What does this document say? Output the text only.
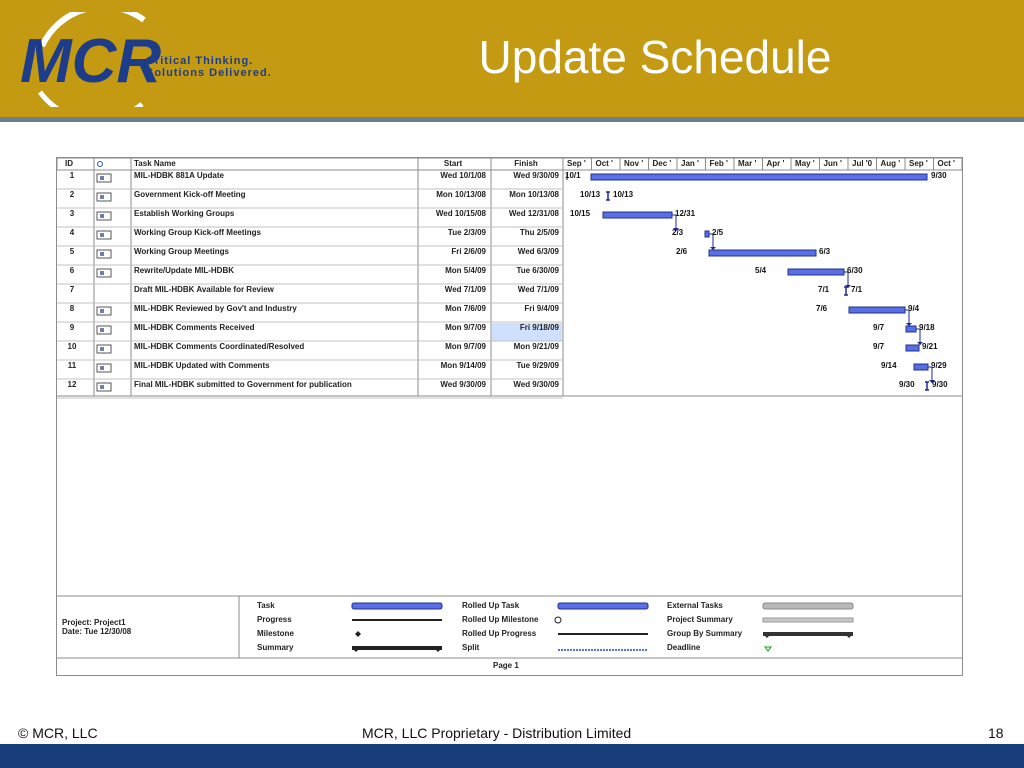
MCR
Critical Thinking.
Solutions Delivered.	Update Schedule
ID	Task Name	Start	Finish	Sep ' Oct ' Nov ' Dec ' Jan ' Feb ' Mar ' Apr ' May ' Jun ' Jul '0 Aug ' Sep ' Oct '
1	MIL-HDBK 881A Update	Wed 10/1/08	Wed 9/30/09
2	Government Kick-off Meeting	Mon 10/13/08	Mon 10/13/08
3	Establish Working Groups	Wed 10/15/08	Wed 12/31/08
4	Working Group Kick-off Meetings	Tue 2/3/09	Thu 2/5/09
5	Working Group Meetings	Fri 2/6/09	Wed 6/3/09
6	Rewrite/Update MIL-HDBK	Mon 5/4/09	Tue 6/30/09
7	Draft MIL-HDBK Available for Review	Wed 7/1/09	Wed 7/1/09
8	MIL-HDBK Reviewed by Gov't and Industry	Mon 7/6/09	Fri 9/4/09
9	MIL-HDBK Comments Received	Mon 9/7/09	Fri 9/18/09
10	MIL-HDBK Comments Coordinated/Resolved	Mon 9/7/09	Mon 9/21/09
11	MIL-HDBK Updated with Comments	Mon 9/14/09	Tue 9/29/09
12	Final MIL-HDBK submitted to Government for publication	Wed 9/30/09	Wed 9/30/09
10/1	9/30
10/13 10/13
10/15	12/31
2/3	2/5
2/6	6/3
5/4	6/30
7/1	7/1
7/6	9/4
9/7	9/18
9/7	9/21
9/14	9/29
9/30 9/30
Project: Project1
Date: Tue 12/30/08
Task
Progress
Milestone
Summary
Rolled Up Task
Rolled Up Milestone
Rolled Up Progress
Split
External Tasks
Project Summary
Group By Summary
Deadline
Page 1
© MCR, LLC	MCR, LLC Proprietary - Distribution Limited	18
